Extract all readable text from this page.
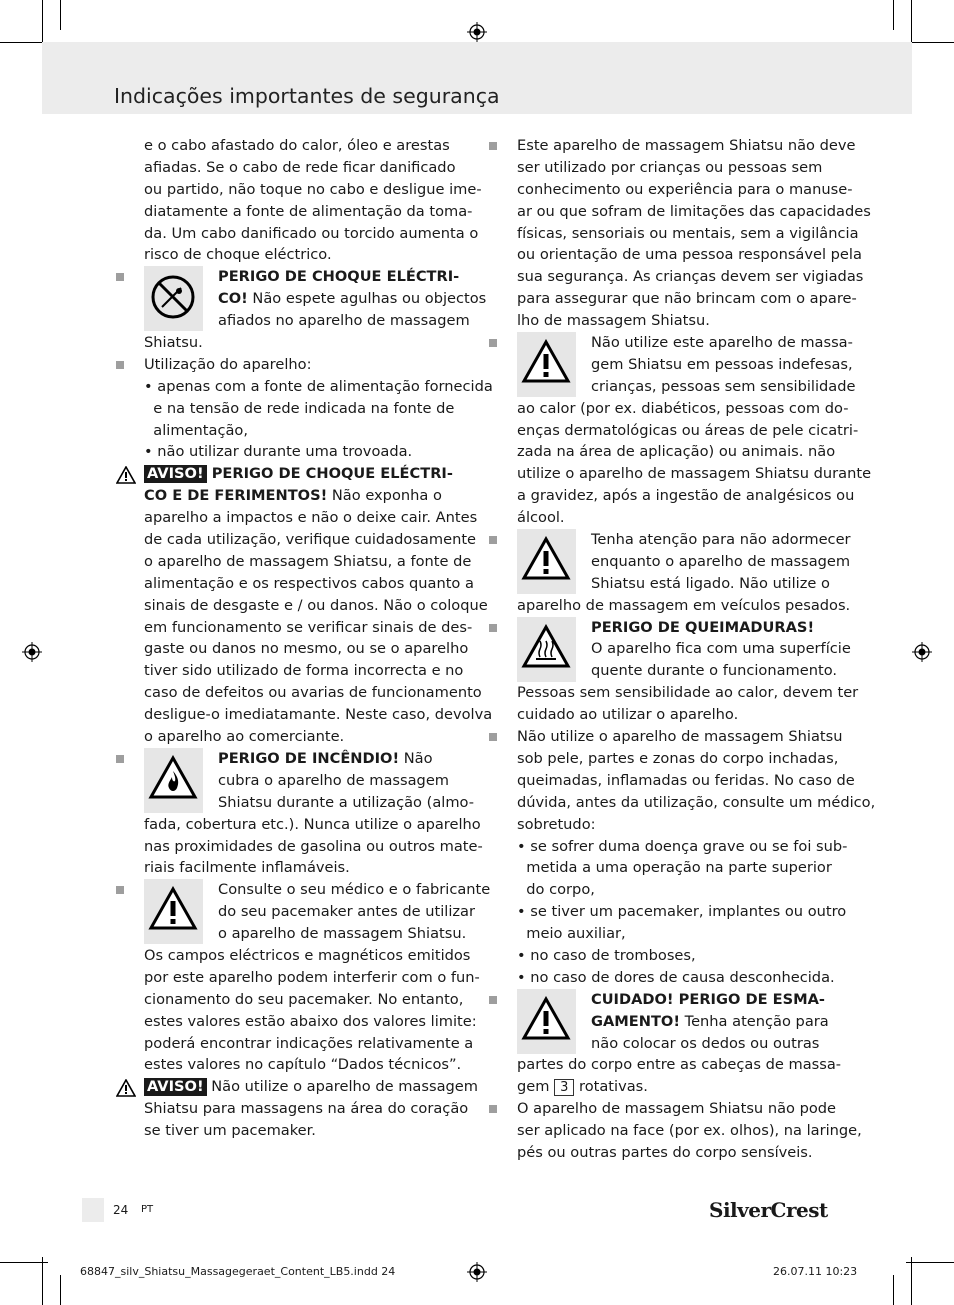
Indicações importantes de segurança
e o cabo afastado do calor, óleo e arestas
afiadas. Se o cabo de rede ficar danificado
ou partido, não toque no cabo e desligue ime-
diatamente a fonte de alimentação da toma-
da. Um cabo danificado ou torcido aumenta o
risco de choque eléctrico.
PERIGO DE CHOQUE ELÉCTRI-
CO! Não espete agulhas ou objectos
afiados no aparelho de massagem
Shiatsu.
Utilização do aparelho:
• apenas com a fonte de alimentação fornecida
e na tensão de rede indicada na fonte de
alimentação,
• não utilizar durante uma trovoada.
AVISO! PERIGO DE CHOQUE ELÉCTRI-
CO E DE FERIMENTOS! Não exponha o
aparelho a impactos e não o deixe cair. Antes
de cada utilização, verifique cuidadosamente
o aparelho de massagem Shiatsu, a fonte de
alimentação e os respectivos cabos quanto a
sinais de desgaste e / ou danos. Não o coloque
em funcionamento se verificar sinais de des-
gaste ou danos no mesmo, ou se o aparelho
tiver sido utilizado de forma incorrecta e no
caso de defeitos ou avarias de funcionamento
desligue-o imediatamante. Neste caso, devolva
o aparelho ao comerciante.
PERIGO DE INCÊNDIO! Não
cubra o aparelho de massagem
Shiatsu durante a utilização (almo-
fada, cobertura etc.). Nunca utilize o aparelho
nas proximidades de gasolina ou outros mate-
riais facilmente inflamáveis.
Consulte o seu médico e o fabricante
do seu pacemaker antes de utilizar
o aparelho de massagem Shiatsu.
Os campos eléctricos e magnéticos emitidos
por este aparelho podem interferir com o fun-
cionamento do seu pacemaker. No entanto,
estes valores estão abaixo dos valores limite:
poderá encontrar indicações relativamente a
estes valores no capítulo “Dados técnicos”.
AVISO! Não utilize o aparelho de massagem
Shiatsu para massagens na área do coração
se tiver um pacemaker.
Este aparelho de massagem Shiatsu não deve
ser utilizado por crianças ou pessoas sem
conhecimento ou experiência para o manuse-
ar ou que sofram de limitações das capacidades
físicas, sensoriais ou mentais, sem a vigilância
ou orientação de uma pessoa responsável pela
sua segurança. As crianças devem ser vigiadas
para assegurar que não brincam com o apare-
lho de massagem Shiatsu.
Não utilize este aparelho de massa-
gem Shiatsu em pessoas indefesas,
crianças, pessoas sem sensibilidade
ao calor (por ex. diabéticos, pessoas com do-
enças dermatológicas ou áreas de pele cicatri-
zada na área de aplicação) ou animais. não
utilize o aparelho de massagem Shiatsu durante
a gravidez, após a ingestão de analgésicos ou
álcool.
Tenha atenção para não adormecer
enquanto o aparelho de massagem
Shiatsu está ligado. Não utilize o
aparelho de massagem em veículos pesados.
PERIGO DE QUEIMADURAS!
O aparelho fica com uma superfície
quente durante o funcionamento.
Pessoas sem sensibilidade ao calor, devem ter
cuidado ao utilizar o aparelho.
Não utilize o aparelho de massagem Shiatsu
sob pele, partes e zonas do corpo inchadas,
queimadas, inflamadas ou feridas. No caso de
dúvida, antes da utilização, consulte um médico,
sobretudo:
• se sofrer duma doença grave ou se foi sub-
metida a uma operação na parte superior
do corpo,
• se tiver um pacemaker, implantes ou outro
meio auxiliar,
• no caso de tromboses,
• no caso de dores de causa desconhecida.
CUIDADO! PERIGO DE ESMA-
GAMENTO! Tenha atenção para
não colocar os dedos ou outras
partes do corpo entre as cabeças de massa-
gem 3 rotativas.
O aparelho de massagem Shiatsu não pode
ser aplicado na face (por ex. olhos), na laringe,
pés ou outras partes do corpo sensíveis.
24 PT	SilverCrest
68847_silv_Shiatsu_Massagegeraet_Content_LB5.indd 24	26.07.11 10:23
